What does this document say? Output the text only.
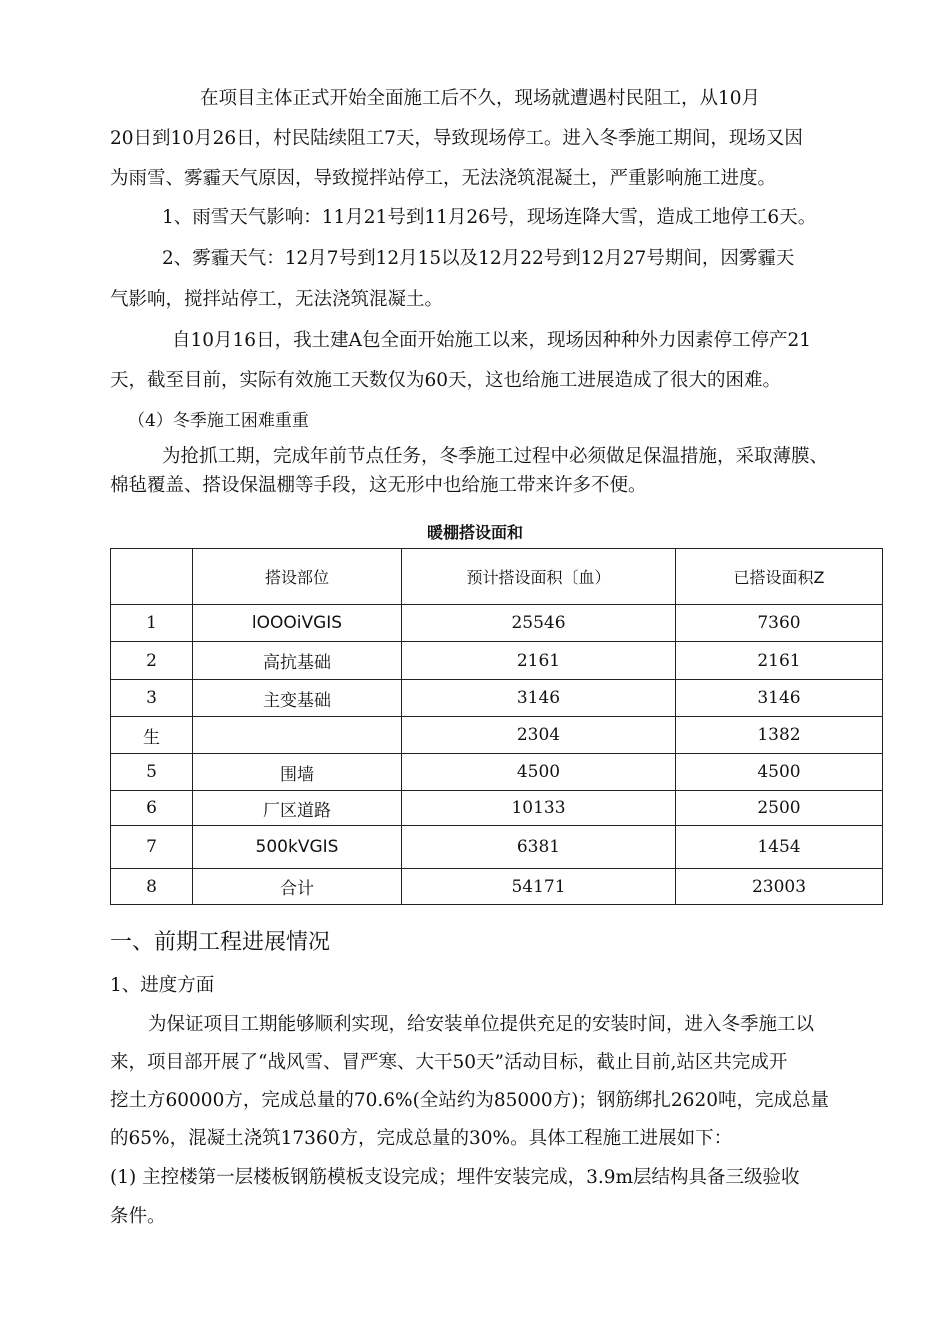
在项目主体正式开始全面施工后不久，现场就遭遇村民阻工，从10月
20日到10月26日，村民陆续阻工7天，导致现场停工。进入冬季施工期间，现场又因
为雨雪、雾霾天气原因，导致搅拌站停工，无法浇筑混凝土，严重影响施工进度。
1、雨雪天气影响：11月21号到11月26号，现场连降大雪，造成工地停工6天。
2、雾霾天气：12月7号到12月15以及12月22号到12月27号期间，因雾霾天
气影响，搅拌站停工，无法浇筑混凝土。
自10月16日，我土建A包全面开始施工以来，现场因种种外力因素停工停产21
天，截至目前，实际有效施工天数仅为60天，这也给施工进展造成了很大的困难。
（4）冬季施工困难重重
为抢抓工期，完成年前节点任务，冬季施工过程中必须做足保温措施，采取薄膜、
棉毡覆盖、搭设保温棚等手段，这无形中也给施工带来许多不便。
暖棚搭设面和
	搭设部位	预计搭设面积〔血）	已搭设面积Z
1	lOOOiVGIS	25546	7360
2	高抗基础	2161	2161
3	主变基础	3146	3146
生		2304	1382
5	围墙	4500	4500
6	厂区道路	10133	2500
7	500kVGIS	6381	1454
8	合计	54171	23003
一、前期工程进展情况
1、进度方面
为保证项目工期能够顺利实现，给安装单位提供充足的安装时间，进入冬季施工以
来，项目部开展了“战风雪、冒严寒、大干50天”活动目标，截止目前,站区共完成开
挖土方60000方，完成总量的70.6%(全站约为85000方)；钢筋绑扎2620吨，完成总量
的65%，混凝土浇筑17360方，完成总量的30%。具体工程施工进展如下：
(1) 主控楼第一层楼板钢筋模板支设完成；埋件安装完成，3.9m层结构具备三级验收
条件。
